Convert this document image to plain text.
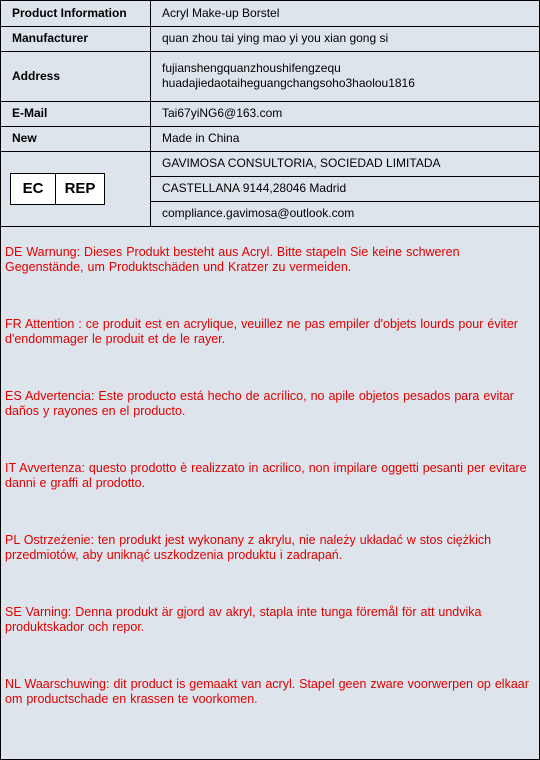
Product Information	Acryl Make-up Borstel
Manufacturer	quan zhou tai ying mao yi you xian gong si
Address	fujianshengquanzhoushifengzequ
huadajiedaotaiheguangchangsoho3haolou1816

E-Mail	Tai67yiNG6@163.com
New	Made in China

EC REP	GAVIMOSA CONSULTORIA, SOCIEDAD LIMITADA
	CASTELLANA 9144,28046 Madrid
	compliance.gavimosa@outlook.com

DE Warnung: Dieses Produkt besteht aus Acryl. Bitte stapeln Sie keine schweren Gegenstände, um Produktschäden und Kratzer zu vermeiden.

FR Attention : ce produit est en acrylique, veuillez ne pas empiler d'objets lourds pour éviter d'endommager le produit et de le rayer.

ES Advertencia: Este producto está hecho de acrílico, no apile objetos pesados para evitar daños y rayones en el producto.

IT Avvertenza: questo prodotto è realizzato in acrilico, non impilare oggetti pesanti per evitare danni e graffi al prodotto.

PL Ostrzeżenie: ten produkt jest wykonany z akrylu, nie należy układać w stos ciężkich przedmiotów, aby uniknąć uszkodzenia produktu i zadrapań.

SE Varning: Denna produkt är gjord av akryl, stapla inte tunga föremål för att undvika produktskador och repor.

NL Waarschuwing: dit product is gemaakt van acryl. Stapel geen zware voorwerpen op elkaar om productschade en krassen te voorkomen.
